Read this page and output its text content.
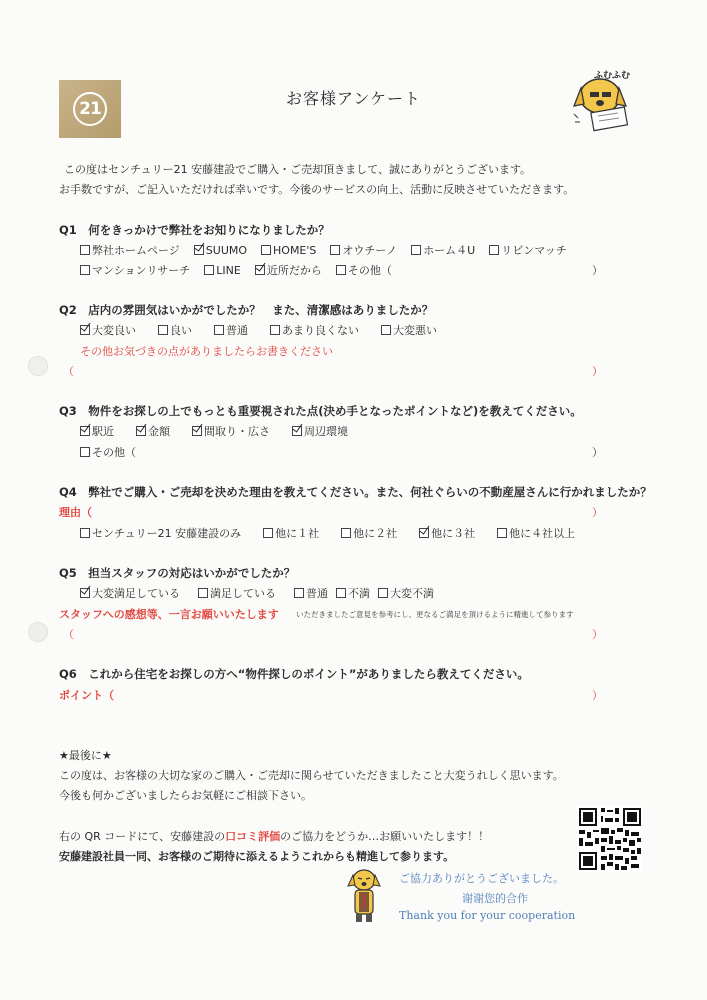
21
お客様アンケート
ふむふむ
この度はセンチュリー21 安藤建設でご購入・ご売却頂きまして、誠にありがとうございます。
お手数ですが、ご記入いただければ幸いです。今後のサービスの向上、活動に反映させていただきます。
Q1　何をきっかけで弊社をお知りになりましたか？
弊社ホームページ SUUMO HOME'S オウチーノ ホーム４U リビンマッチ
マンションリサーチ LINE 近所だから その他（	）
Q2　店内の雰囲気はいかがでしたか？　また、清潔感はありましたか？
大変良い	良い	普通	あまり良くない	大変悪い
その他お気づきの点がありましたらお書きください
（	）
Q3　物件をお探しの上でもっとも重要視された点(決め手となったポイントなど)を教えてください。
駅近	金額	間取り・広さ	周辺環境
その他（	）
Q4　弊社でご購入・ご売却を決めた理由を教えてください。また、何社ぐらいの不動産屋さんに行かれましたか？
理由（	）
センチュリー21 安藤建設のみ	他に１社	他に２社	他に３社	他に４社以上
Q5　担当スタッフの対応はいかがでしたか？
大変満足している	満足している	普通 不満 大変不満
スタッフへの感想等、一言お願いいたします いただきましたご意見を参考にし、更なるご満足を頂けるように精進して参ります
（	）
Q6　これから住宅をお探しの方へ“物件探しのポイント”がありましたら教えてください。
ポイント（	）
★最後に★
この度は、お客様の大切な家のご購入・ご売却に関らせていただきましたこと大変うれしく思います。
今後も何かございましたらお気軽にご相談下さい。
右の QR コードにて、安藤建設の口コミ評価のご協力をどうか…お願いいたします！！
安藤建設社員一同、お客様のご期待に添えるようこれからも精進して参ります。
ご協力ありがとうございました。
谢谢您的合作
Thank you for your cooperation
